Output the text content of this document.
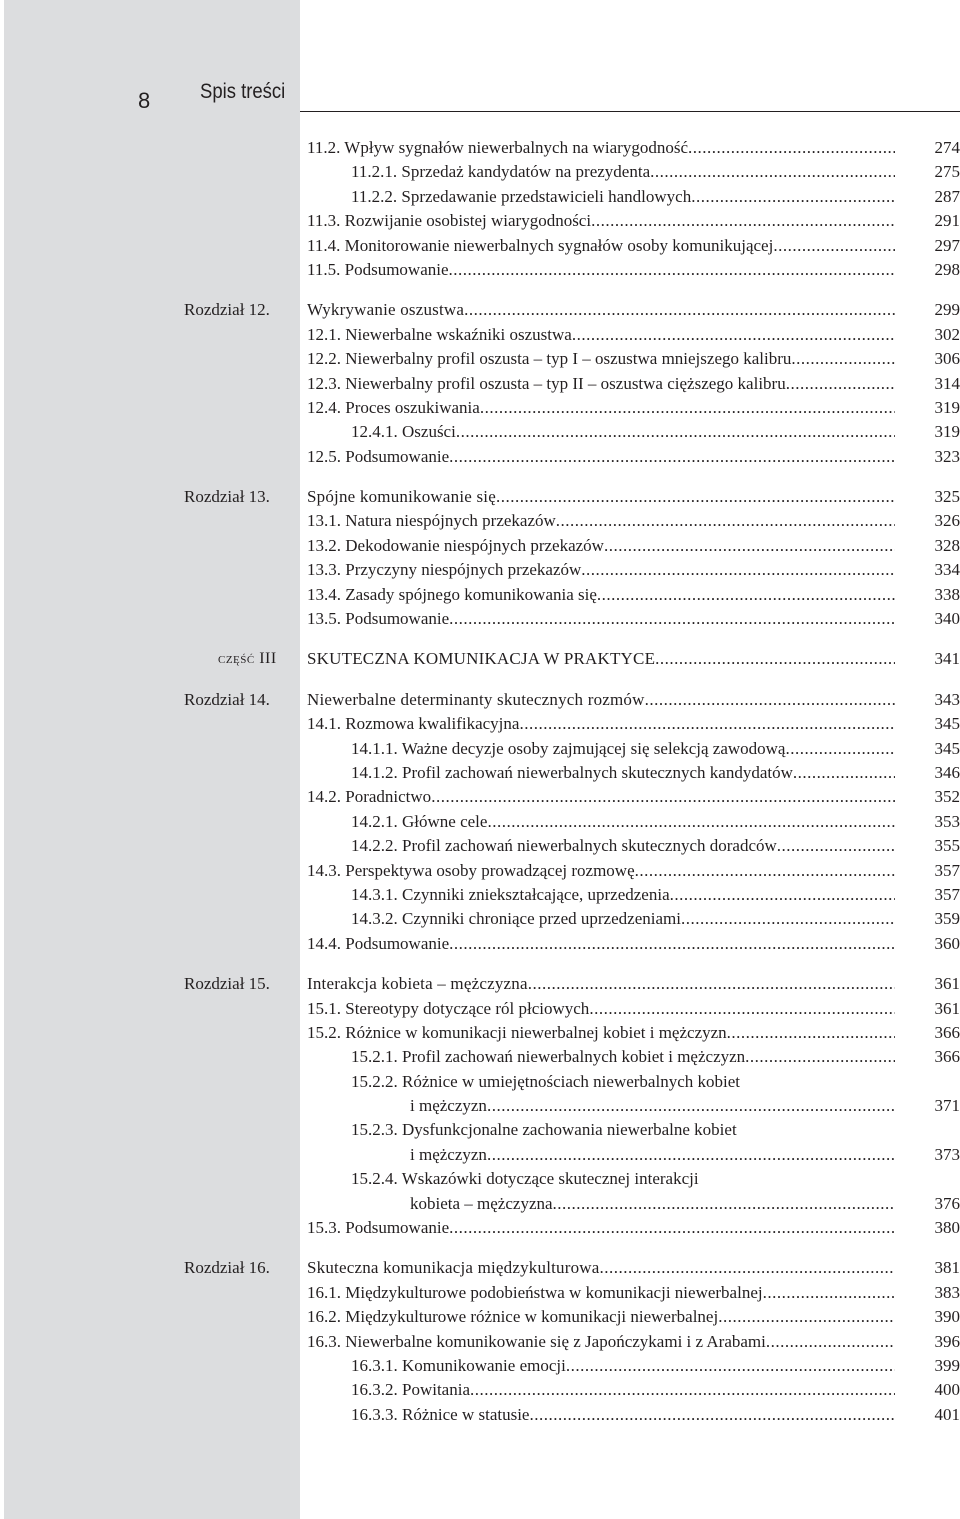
8 Spis treści
11.2. Wpływ sygnałów niewerbalnych na wiarygodność .....	274
11.2.1. Sprzedaż kandydatów na prezydenta .....	275
11.2.2. Sprzedawanie przedstawicieli handlowych .....	287
11.3. Rozwijanie osobistej wiarygodności .....	291
11.4. Monitorowanie niewerbalnych sygnałów osoby komunikującej .....	297
11.5. Podsumowanie .....	298
Rozdział 12.	Wykrywanie oszustwa .....	299
12.1. Niewerbalne wskaźniki oszustwa .....	302
12.2. Niewerbalny profil oszusta – typ I – oszustwa mniejszego kalibru .....	306
12.3. Niewerbalny profil oszusta – typ II – oszustwa cięższego kalibru .....	314
12.4. Proces oszukiwania .....	319
12.4.1. Oszuści .....	319
12.5. Podsumowanie .....	323
Rozdział 13.	Spójne komunikowanie się .....	325
13.1. Natura niespójnych przekazów .....	326
13.2. Dekodowanie niespójnych przekazów .....	328
13.3. Przyczyny niespójnych przekazów .....	334
13.4. Zasady spójnego komunikowania się .....	338
13.5. Podsumowanie .....	340
część III	SKUTECZNA KOMUNIKACJA W PRAKTYCE .....	341
Rozdział 14.	Niewerbalne determinanty skutecznych rozmów .....	343
14.1. Rozmowa kwalifikacyjna .....	345
14.1.1. Ważne decyzje osoby zajmującej się selekcją zawodową .....	345
14.1.2. Profil zachowań niewerbalnych skutecznych kandydatów .....	346
14.2. Poradnictwo .....	352
14.2.1. Główne cele .....	353
14.2.2. Profil zachowań niewerbalnych skutecznych doradców .....	355
14.3. Perspektywa osoby prowadzącej rozmowę .....	357
14.3.1. Czynniki zniekształcające, uprzedzenia .....	357
14.3.2. Czynniki chroniące przed uprzedzeniami .....	359
14.4. Podsumowanie .....	360
Rozdział 15.	Interakcja kobieta – mężczyzna .....	361
15.1. Stereotypy dotyczące ról płciowych .....	361
15.2. Różnice w komunikacji niewerbalnej kobiet i mężczyzn .....	366
15.2.1. Profil zachowań niewerbalnych kobiet i mężczyzn .....	366
15.2.2. Różnice w umiejętnościach niewerbalnych kobiet
i mężczyzn .....	371
15.2.3. Dysfunkcjonalne zachowania niewerbalne kobiet
i mężczyzn .....	373
15.2.4. Wskazówki dotyczące skutecznej interakcji
kobieta – mężczyzna .....	376
15.3. Podsumowanie .....	380
Rozdział 16.	Skuteczna komunikacja międzykulturowa .....	381
16.1. Międzykulturowe podobieństwa w komunikacji niewerbalnej .....	383
16.2. Międzykulturowe różnice w komunikacji niewerbalnej .....	390
16.3. Niewerbalne komunikowanie się z Japończykami i z Arabami .....	396
16.3.1. Komunikowanie emocji .....	399
16.3.2. Powitania .....	400
16.3.3. Różnice w statusie .....	401
